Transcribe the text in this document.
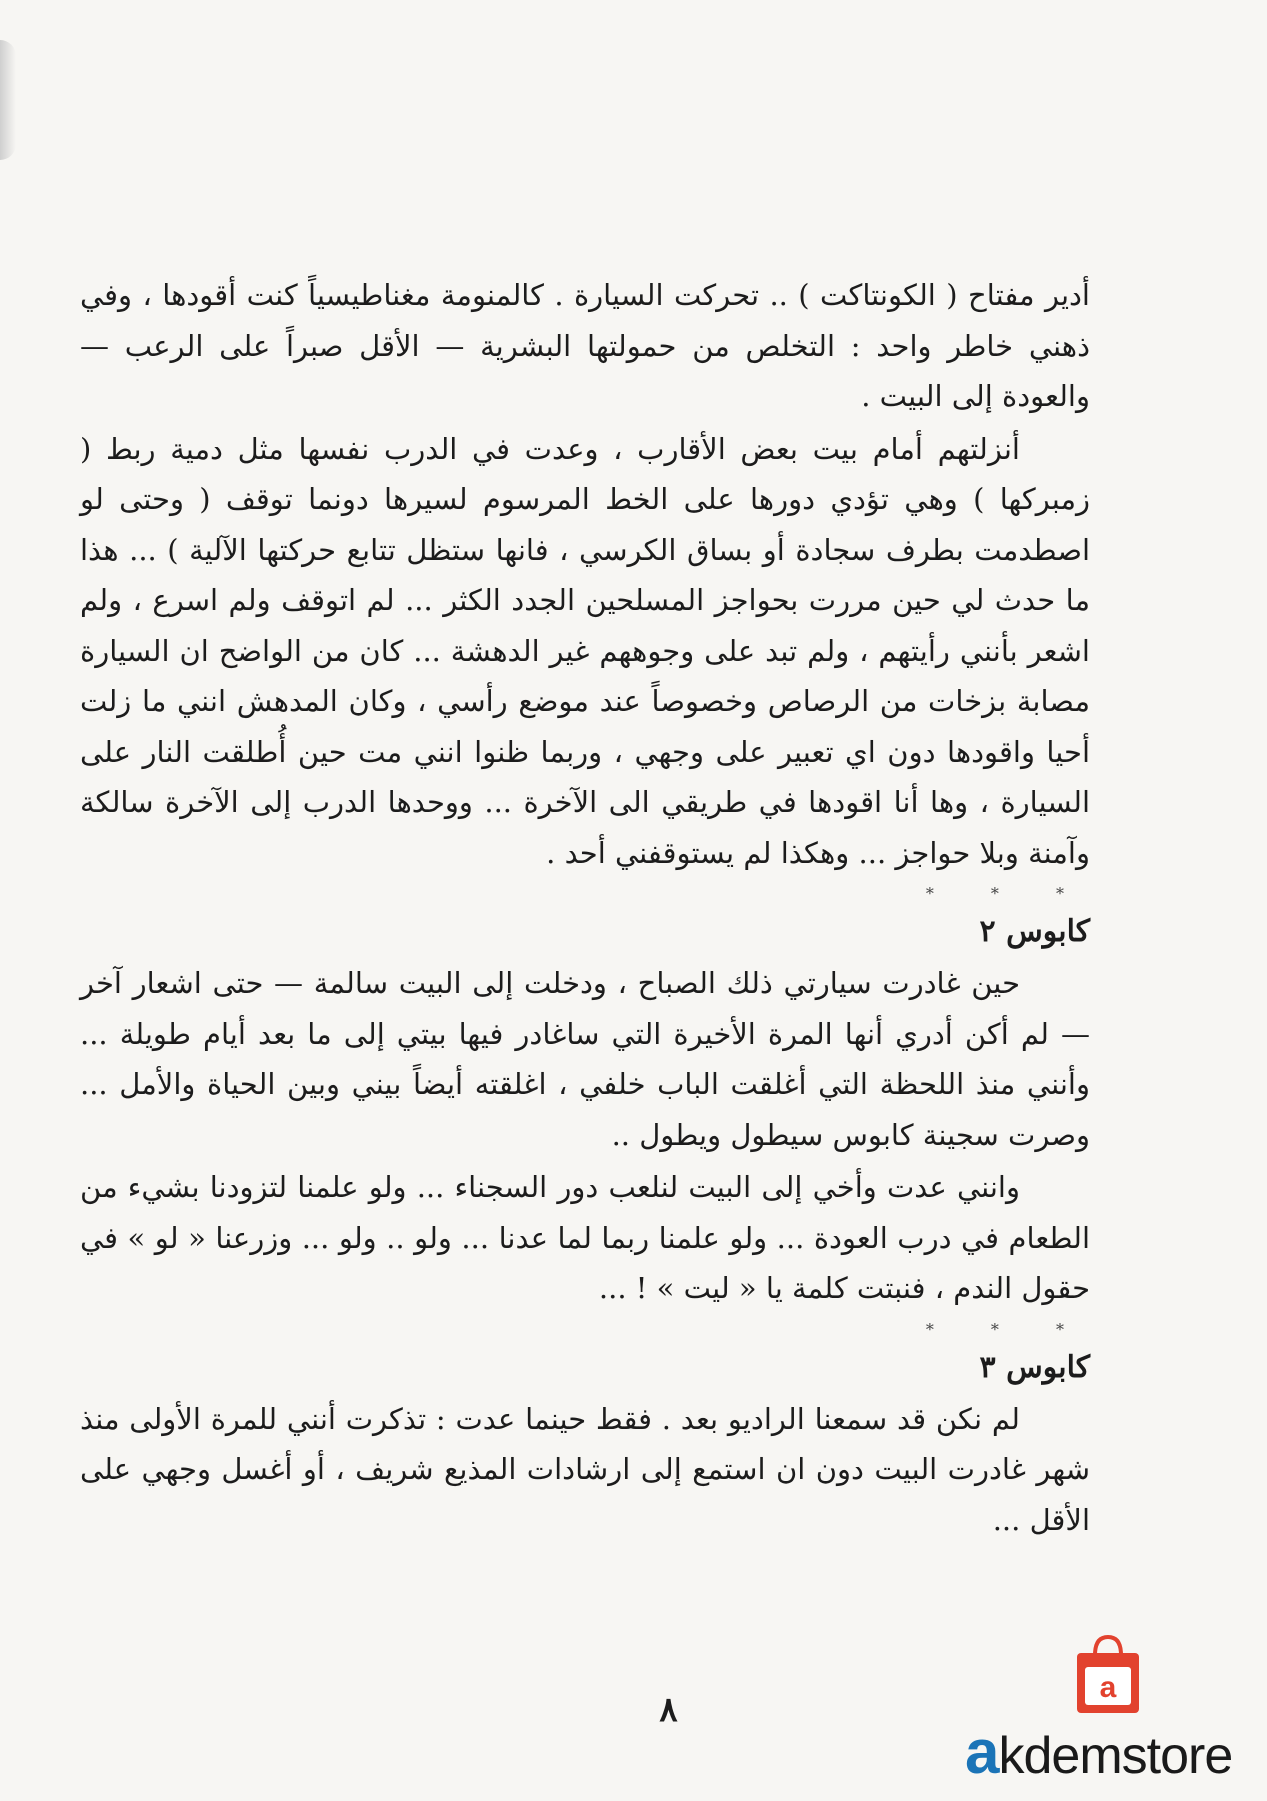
أدير مفتاح ( الكونتاكت ) .. تحركت السيارة . كالمنومة مغناطيسياً كنت أقودها ، وفي ذهني خاطر واحد : التخلص من حمولتها البشرية — الأقل صبراً على الرعب — والعودة إلى البيت .

أنزلتهم أمام بيت بعض الأقارب ، وعدت في الدرب نفسها مثل دمية ربط ( زمبركها ) وهي تؤدي دورها على الخط المرسوم لسيرها دونما توقف ( وحتى لو اصطدمت بطرف سجادة أو بساق الكرسي ، فانها ستظل تتابع حركتها الآلية ) ... هذا ما حدث لي حين مررت بحواجز المسلحين الجدد الكثر ... لم اتوقف ولم اسرع ، ولم اشعر بأنني رأيتهم ، ولم تبد على وجوههم غير الدهشة ... كان من الواضح ان السيارة مصابة بزخات من الرصاص وخصوصاً عند موضع رأسي ، وكان المدهش انني ما زلت أحيا واقودها دون اي تعبير على وجهي ، وربما ظنوا انني مت حين أُطلقت النار على السيارة ، وها أنا اقودها في طريقي الى الآخرة ... ووحدها الدرب إلى الآخرة سالكة وآمنة وبلا حواجز ... وهكذا لم يستوقفني أحد .

* * *
كابوس ٢

حين غادرت سيارتي ذلك الصباح ، ودخلت إلى البيت سالمة — حتى اشعار آخر — لم أكن أدري أنها المرة الأخيرة التي ساغادر فيها بيتي إلى ما بعد أيام طويلة ... وأنني منذ اللحظة التي أغلقت الباب خلفي ، اغلقته أيضاً بيني وبين الحياة والأمل ... وصرت سجينة كابوس سيطول ويطول ..

وانني عدت وأخي إلى البيت لنلعب دور السجناء ... ولو علمنا لتزودنا بشيء من الطعام في درب العودة ... ولو علمنا ربما لما عدنا ... ولو .. ولو ... وزرعنا « لو » في حقول الندم ، فنبتت كلمة يا « ليت » ! ...

* * *
كابوس ٣

لم نكن قد سمعنا الراديو بعد . فقط حينما عدت : تذكرت أنني للمرة الأولى منذ شهر غادرت البيت دون ان استمع إلى ارشادات المذيع شريف ، أو أغسل وجهي على الأقل ...

٨
a
akdemstore
